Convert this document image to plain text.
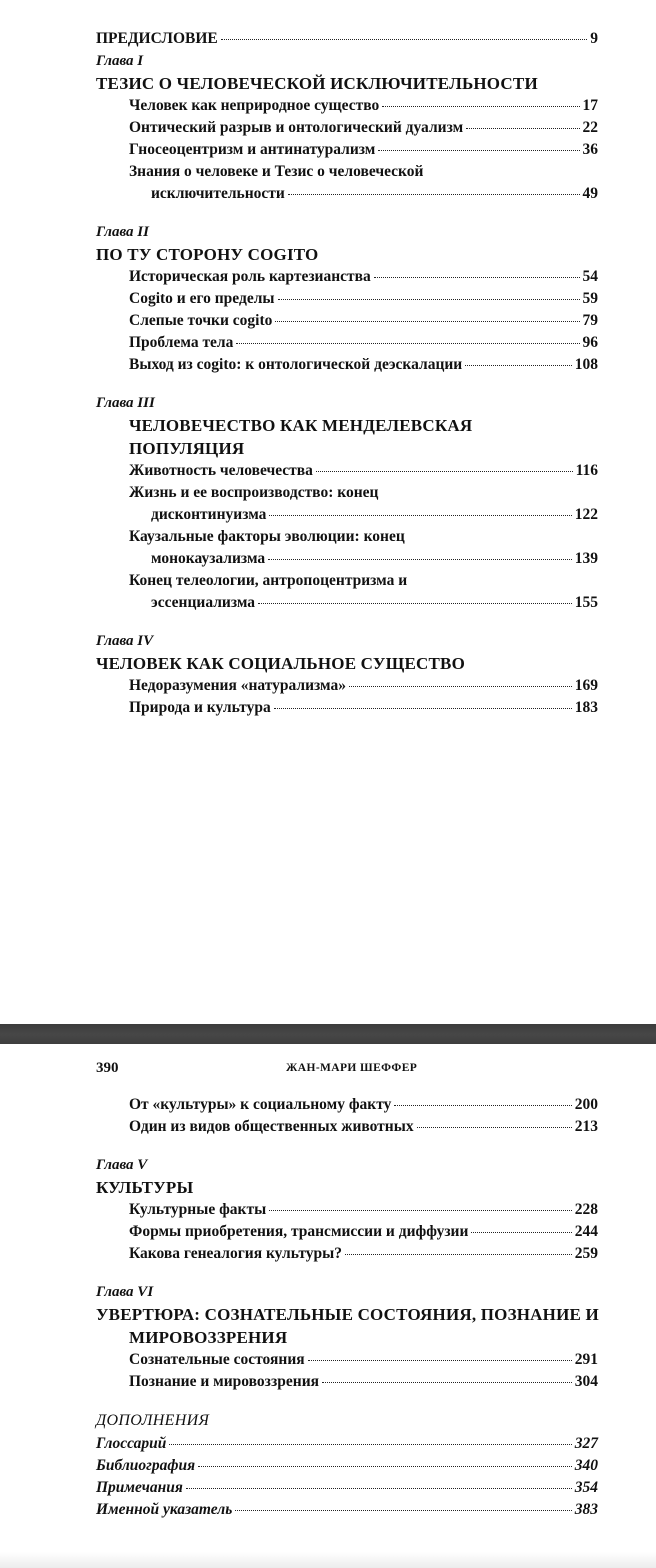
ПРЕДИСЛОВИЕ	9
Глава I
ТЕЗИС О ЧЕЛОВЕЧЕСКОЙ ИСКЛЮЧИТЕЛЬНОСТИ
Человек как неприродное существо	17
Онтический разрыв и онтологический дуализм	22
Гносеоцентризм и антинатурализм	36
Знания о человеке и Тезис о человеческой
исключительности	49
Глава II
ПО ТУ СТОРОНУ COGITO
Историческая роль картезианства	54
Cogito и его пределы	59
Слепые точки cogito	79
Проблема тела	96
Выход из cogito: к онтологической деэскалации	108
Глава III
ЧЕЛОВЕЧЕСТВО КАК МЕНДЕЛЕВСКАЯ ПОПУЛЯЦИЯ
Животность человечества	116
Жизнь и ее воспроизводство: конец
дисконтинуизма	122
Каузальные факторы эволюции: конец
монокаузализма	139
Конец телеологии, антропоцентризма и
эссенциализма	155
Глава IV
ЧЕЛОВЕК КАК СОЦИАЛЬНОЕ СУЩЕСТВО
Недоразумения «натурализма»	169
Природа и культура	183
390	ЖАН-МАРИ ШЕФФЕР
От «культуры» к социальному факту	200
Один из видов общественных животных	213
Глава V
КУЛЬТУРЫ
Культурные факты	228
Формы приобретения, трансмиссии и диффузии	244
Какова генеалогия культуры?	259
Глава VI
УВЕРТЮРА: СОЗНАТЕЛЬНЫЕ СОСТОЯНИЯ, ПОЗНАНИЕ И МИРОВОЗЗРЕНИЯ
Сознательные состояния	291
Познание и мировоззрения	304
ДОПОЛНЕНИЯ
Глоссарий	327
Библиография	340
Примечания	354
Именной указатель	383
